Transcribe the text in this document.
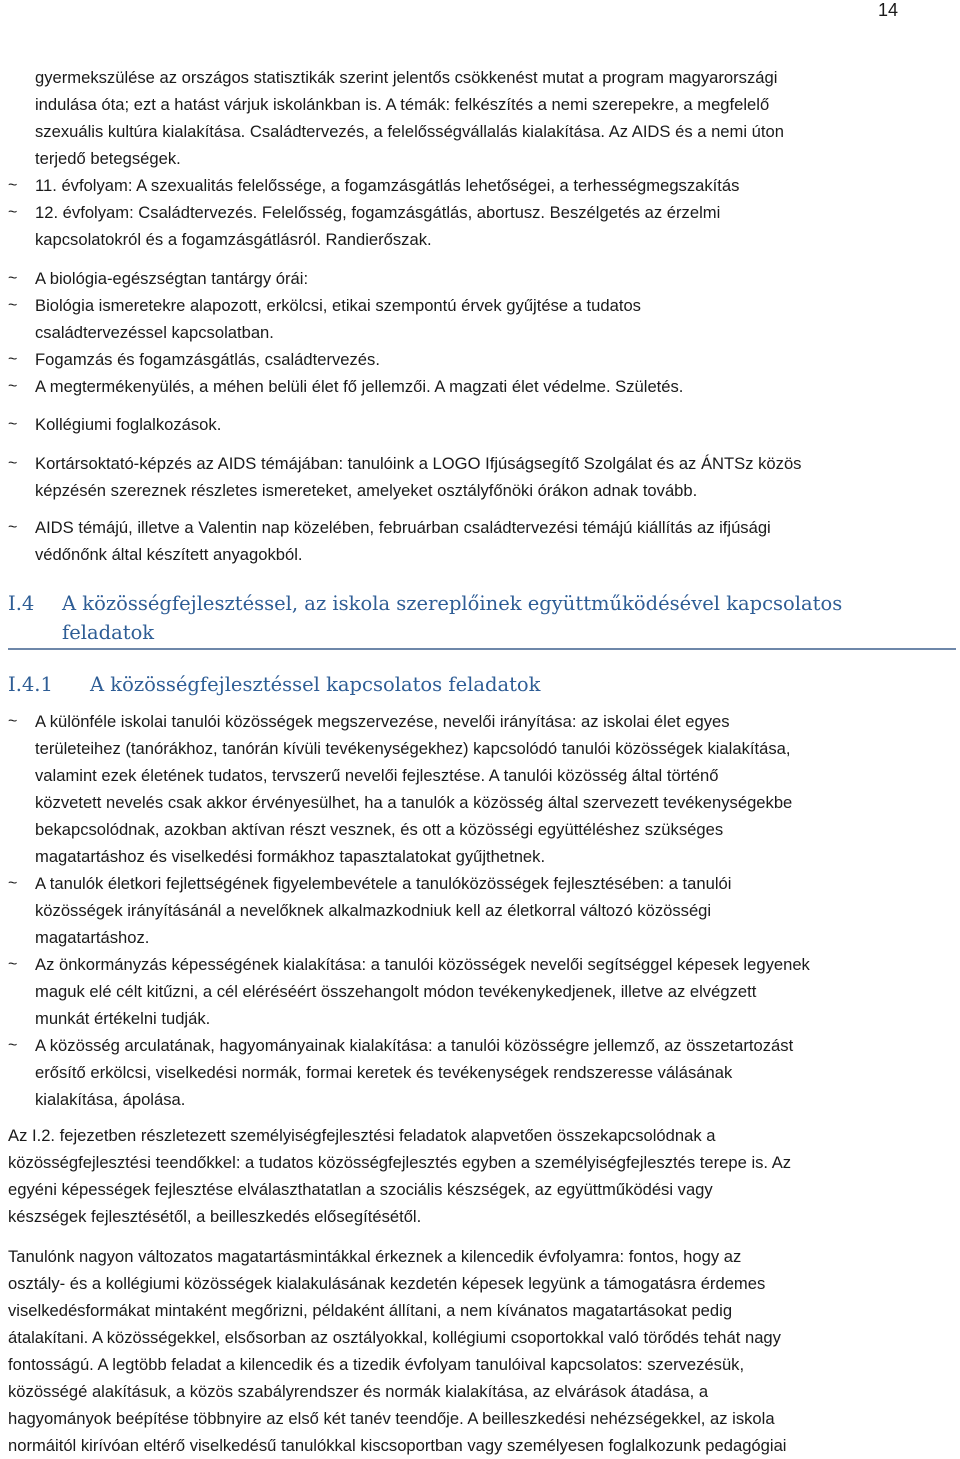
14
gyermekszülése az országos statisztikák szerint jelentős csökkenést mutat a program magyarországi
indulása óta; ezt a hatást várjuk iskolánkban is. A témák: felkészítés a nemi szerepekre, a megfelelő
szexuális kultúra kialakítása. Családtervezés, a felelősségvállalás kialakítása. Az AIDS és a nemi úton
terjedő betegségek.
~	11. évfolyam: A szexualitás felelőssége, a fogamzásgátlás lehetőségei, a terhességmegszakítás
~	12. évfolyam: Családtervezés. Felelősség, fogamzásgátlás, abortusz. Beszélgetés az érzelmi
kapcsolatokról és a fogamzásgátlásról. Randierőszak.
~	A biológia-egészségtan tantárgy órái:
~	Biológia ismeretekre alapozott, erkölcsi, etikai szempontú érvek gyűjtése a tudatos
családtervezéssel kapcsolatban.
~	Fogamzás és fogamzásgátlás, családtervezés.
~	A megtermékenyülés, a méhen belüli élet fő jellemzői. A magzati élet védelme. Születés.
~	Kollégiumi foglalkozások.
~	Kortársoktató-képzés az AIDS témájában: tanulóink a LOGO Ifjúságsegítő Szolgálat és az ÁNTSz közös
képzésén szereznek részletes ismereteket, amelyeket osztályfőnöki órákon adnak tovább.
~	AIDS témájú, illetve a Valentin nap közelében, februárban családtervezési témájú kiállítás az ifjúsági
védőnőnk által készített anyagokból.
I.4	A közösségfejlesztéssel, az iskola szereplőinek együttműködésével kapcsolatos
feladatok
I.4.1	A közösségfejlesztéssel kapcsolatos feladatok
~	A különféle iskolai tanulói közösségek megszervezése, nevelői irányítása: az iskolai élet egyes
területeihez (tanórákhoz, tanórán kívüli tevékenységekhez) kapcsolódó tanulói közösségek kialakítása,
valamint ezek életének tudatos, tervszerű nevelői fejlesztése. A tanulói közösség által történő
közvetett nevelés csak akkor érvényesülhet, ha a tanulók a közösség által szervezett tevékenységekbe
bekapcsolódnak, azokban aktívan részt vesznek, és ott a közösségi együttéléshez szükséges
magatartáshoz és viselkedési formákhoz tapasztalatokat gyűjthetnek.
~	A tanulók életkori fejlettségének figyelembevétele a tanulóközösségek fejlesztésében: a tanulói
közösségek irányításánál a nevelőknek alkalmazkodniuk kell az életkorral változó közösségi
magatartáshoz.
~	Az önkormányzás képességének kialakítása: a tanulói közösségek nevelői segítséggel képesek legyenek
maguk elé célt kitűzni, a cél eléréséért összehangolt módon tevékenykedjenek, illetve az elvégzett
munkát értékelni tudják.
~	A közösség arculatának, hagyományainak kialakítása: a tanulói közösségre jellemző, az összetartozást
erősítő erkölcsi, viselkedési normák, formai keretek és tevékenységek rendszeresse válásának
kialakítása, ápolása.
Az I.2. fejezetben részletezett személyiségfejlesztési feladatok alapvetően összekapcsolódnak a
közösségfejlesztési teendőkkel: a tudatos közösségfejlesztés egyben a személyiségfejlesztés terepe is. Az
egyéni képességek fejlesztése elválaszthatatlan a szociális készségek, az együttműködési vagy
készségek fejlesztésétől, a beilleszkedés elősegítésétől.
Tanulónk nagyon változatos magatartásmintákkal érkeznek a kilencedik évfolyamra: fontos, hogy az
osztály- és a kollégiumi közösségek kialakulásának kezdetén képesek legyünk a támogatásra érdemes
viselkedésformákat mintaként megőrizni, példaként állítani, a nem kívánatos magatartásokat pedig
átalakítani. A közösségekkel, elsősorban az osztályokkal, kollégiumi csoportokkal való törődés tehát nagy
fontosságú. A legtöbb feladat a kilencedik és a tizedik évfolyam tanulóival kapcsolatos: szervezésük,
közösségé alakításuk, a közös szabályrendszer és normák kialakítása, az elvárások átadása, a
hagyományok beépítése többnyire az első két tanév teendője. A beilleszkedési nehézségekkel, az iskola
normáitól kirívóan eltérő viselkedésű tanulókkal kiscsoportban vagy személyesen foglalkozunk pedagógiai
